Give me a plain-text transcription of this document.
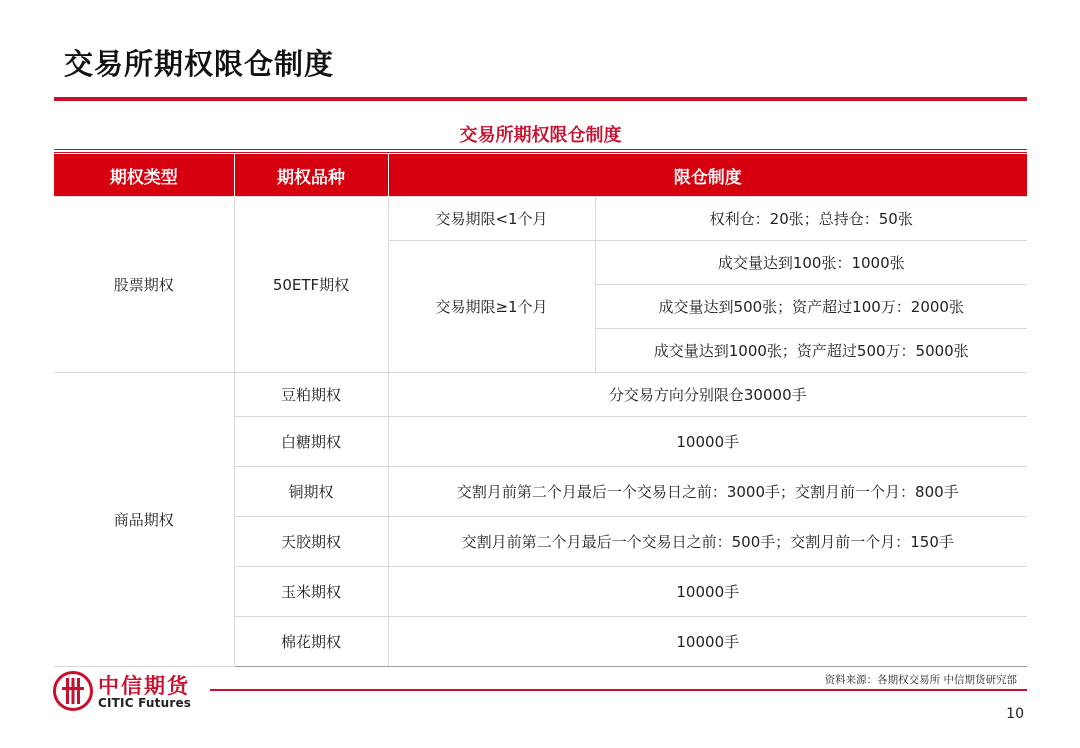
交易所期权限仓制度
交易所期权限仓制度
期权类型	期权品种	限仓制度	
股票期权	50ETF期权	交易期限<1个月	权利仓：20张；总持仓：50张
		交易期限≥1个月	成交量达到100张：1000张
			成交量达到500张；资产超过100万：2000张
			成交量达到1000张；资产超过500万：5000张
商品期权	豆粕期权	分交易方向分别限仓30000手	
	白糖期权	10000手	
	铜期权	交割月前第二个月最后一个交易日之前：3000手；交割月前一个月：800手	
	天胶期权	交割月前第二个月最后一个交易日之前：500手；交割月前一个月：150手	
	玉米期权	10000手	
	棉花期权	10000手	
中信期货
CITIC Futures
资料来源：各期权交易所 中信期货研究部
10
